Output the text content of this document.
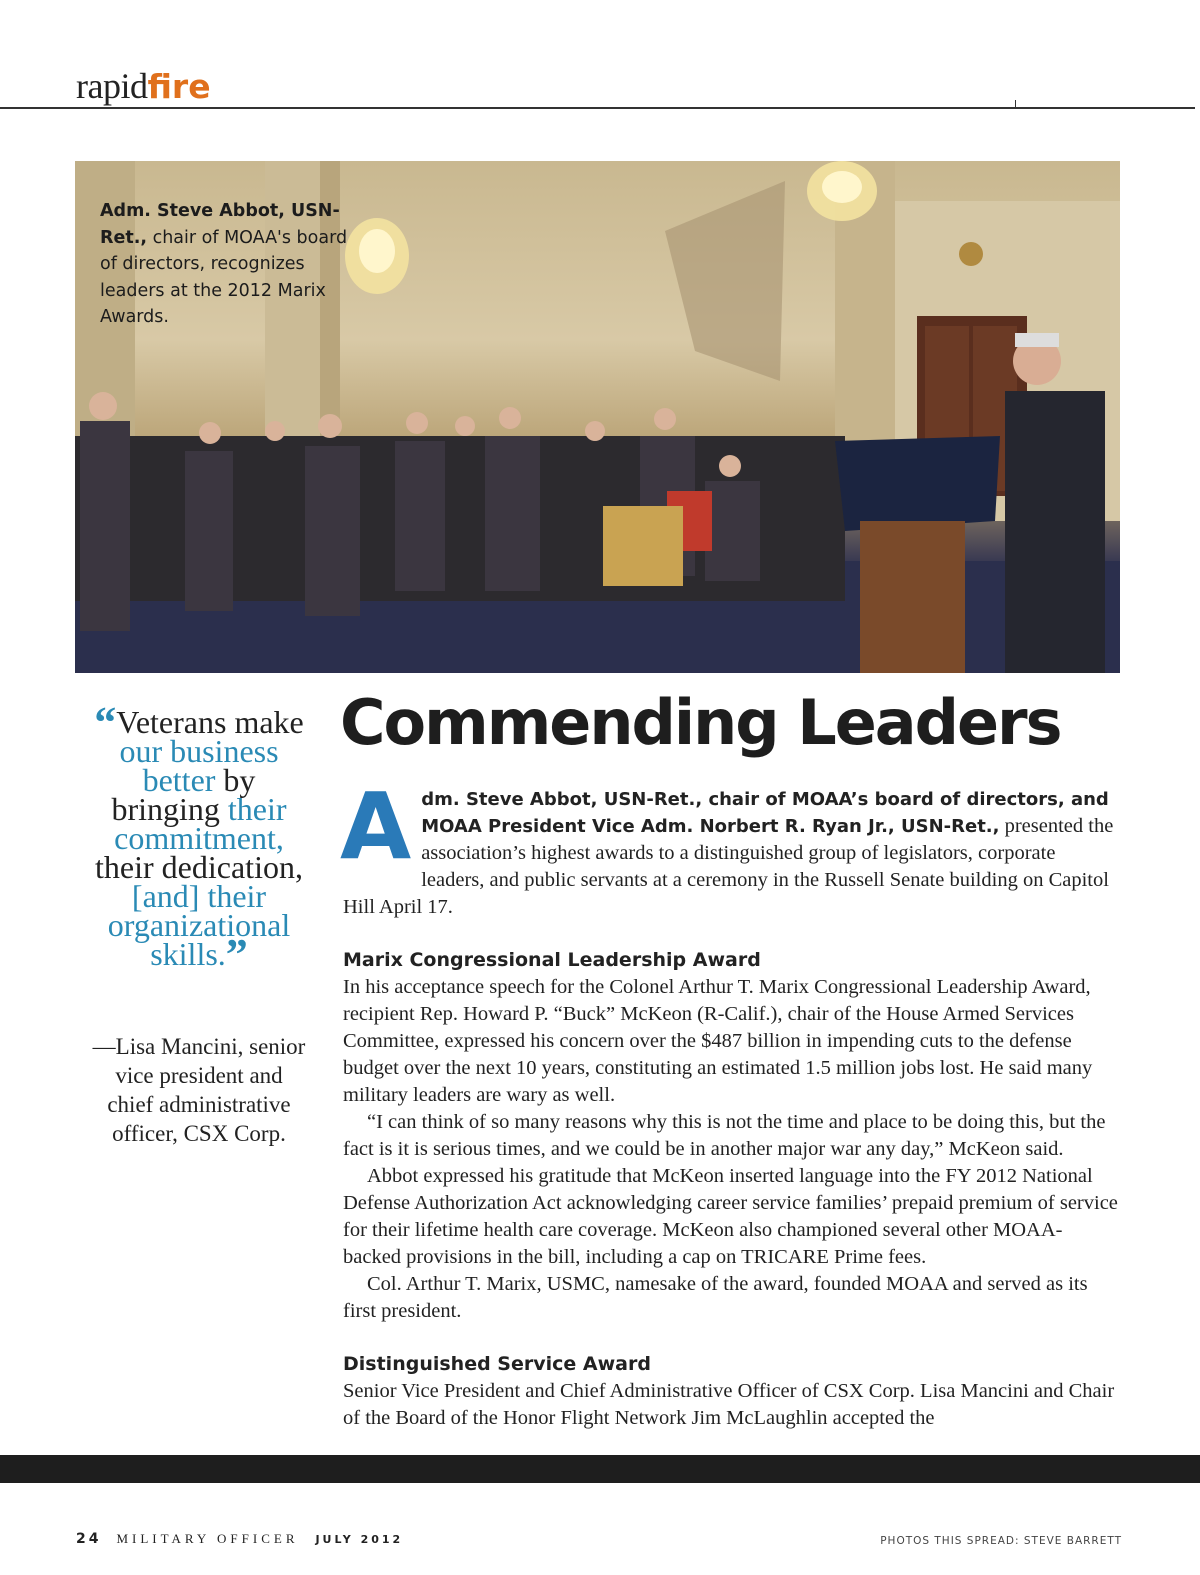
rapidfire
Adm. Steve Abbot, USN-Ret., chair of MOAA's board of directors, recognizes leaders at the 2012 Marix Awards.
“Veterans make our business better by bringing their commitment, their dedication, [and] their organizational skills.”
—Lisa Mancini, senior vice president and chief administrative officer, CSX Corp.
Commending Leaders

Adm. Steve Abbot, USN-Ret., chair of MOAA’s board of directors, and MOAA President Vice Adm. Norbert R. Ryan Jr., USN-Ret., presented the association’s highest awards to a distinguished group of legislators, corporate leaders, and public servants at a ceremony in the Russell Senate building on Capitol Hill April 17.

Marix Congressional Leadership Award

In his acceptance speech for the Colonel Arthur T. Marix Congressional Leadership Award, recipient Rep. Howard P. “Buck” McKeon (R-Calif.), chair of the House Armed Services Committee, expressed his concern over the $487 billion in impending cuts to the defense budget over the next 10 years, constituting an estimated 1.5 million jobs lost. He said many military leaders are wary as well.

“I can think of so many reasons why this is not the time and place to be doing this, but the fact is it is serious times, and we could be in another major war any day,” McKeon said.

Abbot expressed his gratitude that McKeon inserted language into the FY 2012 National Defense Authorization Act acknowledging career service families’ prepaid premium of service for their lifetime health care coverage. McKeon also championed several other MOAA-backed provisions in the bill, including a cap on TRICARE Prime fees.

Col. Arthur T. Marix, USMC, namesake of the award, founded MOAA and served as its first president.

Distinguished Service Award

Senior Vice President and Chief Administrative Officer of CSX Corp. Lisa Mancini and Chair of the Board of the Honor Flight Network Jim McLaughlin accepted the

24 MILITARY OFFICER JULY 2012	PHOTOS THIS SPREAD: STEVE BARRETT
